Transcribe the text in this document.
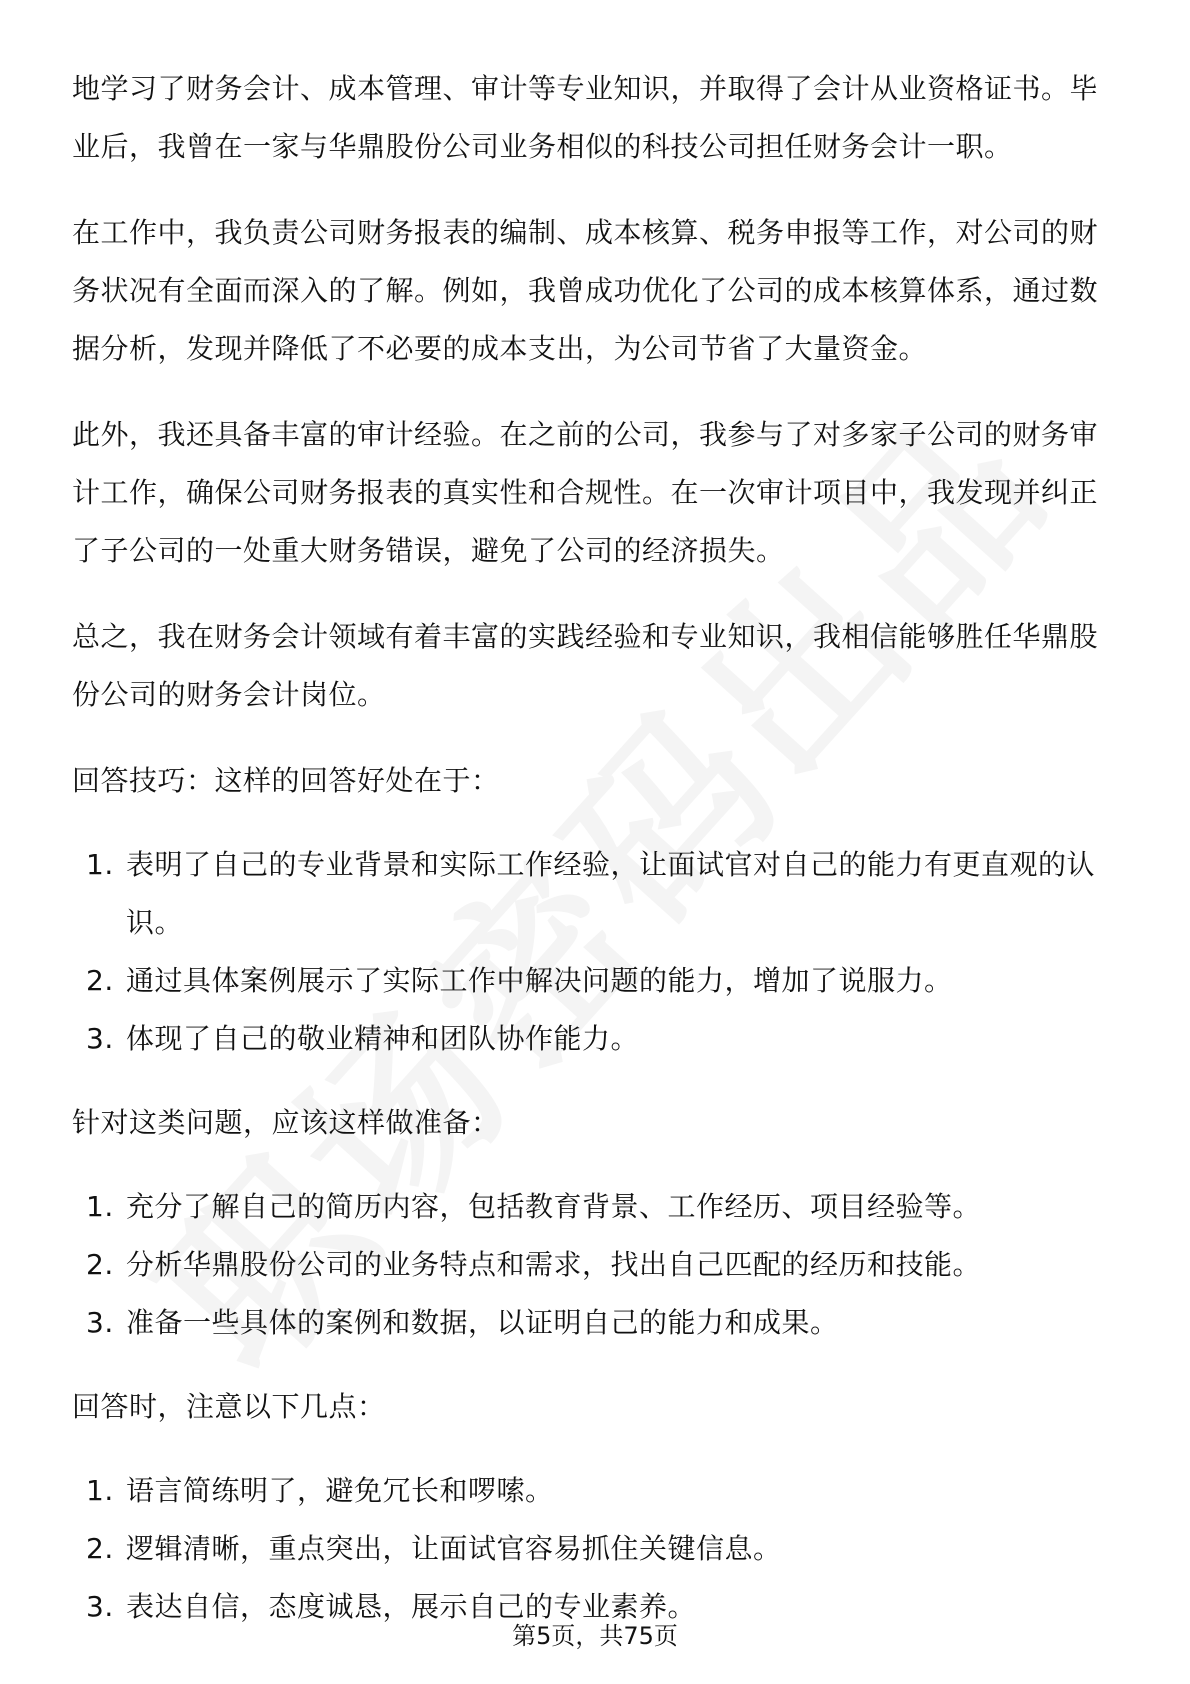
地学习了财务会计、成本管理、审计等专业知识，并取得了会计从业资格证书。毕业后，我曾在一家与华鼎股份公司业务相似的科技公司担任财务会计一职。

在工作中，我负责公司财务报表的编制、成本核算、税务申报等工作，对公司的财务状况有全面而深入的了解。例如，我曾成功优化了公司的成本核算体系，通过数据分析，发现并降低了不必要的成本支出，为公司节省了大量资金。

此外，我还具备丰富的审计经验。在之前的公司，我参与了对多家子公司的财务审计工作，确保公司财务报表的真实性和合规性。在一次审计项目中，我发现并纠正了子公司的一处重大财务错误，避免了公司的经济损失。

总之，我在财务会计领域有着丰富的实践经验和专业知识，我相信能够胜任华鼎股份公司的财务会计岗位。

回答技巧：这样的回答好处在于：

1. 表明了自己的专业背景和实际工作经验，让面试官对自己的能力有更直观的认识。
2. 通过具体案例展示了实际工作中解决问题的能力，增加了说服力。
3. 体现了自己的敬业精神和团队协作能力。

针对这类问题，应该这样做准备：

1. 充分了解自己的简历内容，包括教育背景、工作经历、项目经验等。
2. 分析华鼎股份公司的业务特点和需求，找出自己匹配的经历和技能。
3. 准备一些具体的案例和数据，以证明自己的能力和成果。

回答时，注意以下几点：

1. 语言简练明了，避免冗长和啰嗦。
2. 逻辑清晰，重点突出，让面试官容易抓住关键信息。
3. 表达自信，态度诚恳，展示自己的专业素养。
第5页，共75页
